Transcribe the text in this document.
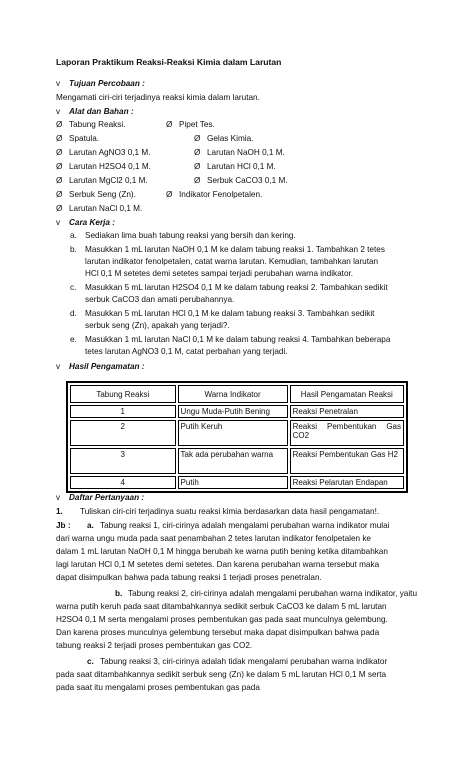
Laporan Praktikum Reaksi-Reaksi Kimia dalam Larutan
v Tujuan Percobaan :
Mengamati ciri-ciri terjadinya reaksi kimia dalam larutan.
v Alat dan Bahan :
Ø Tabung Reaksi.	Ø Pipet Tes.
Ø Spatula.	Ø Gelas Kimia.
Ø Larutan AgNO3 0,1 M.	Ø Larutan NaOH 0,1 M.
Ø Larutan H2SO4 0,1 M.	Ø Larutan HCl 0,1 M.
Ø Larutan MgCl2 0,1 M.	Ø Serbuk CaCO3 0,1 M.
Ø Serbuk Seng (Zn).	Ø Indikator Fenolpetalen.
Ø Larutan NaCl 0,1 M.
v Cara Kerja :
a. Sediakan lima buah tabung reaksi yang bersih dan kering.
b. Masukkan 1 mL larutan NaOH 0,1 M ke dalam tabung reaksi 1. Tambahkan 2 tetes
larutan indikator fenolpetalen, catat warna larutan. Kemudian, tambahkan larutan
HCl 0,1 M setetes demi setetes sampai terjadi perubahan warna indikator.
c. Masukkan 5 mL larutan H2SO4 0,1 M ke dalam tabung reaksi 2. Tambahkan sedikit
serbuk CaCO3 dan amati perubahannya.
d. Masukkan 5 mL larutan HCl 0,1 M ke dalam tabung reaksi 3. Tambahkan sedikit
serbuk seng (Zn), apakah yang terjadi?.
e. Masukkan 1 mL larutan NaCl 0,1 M ke dalam tabung reaksi 4. Tambahkan beberapa
tetes larutan AgNO3 0,1 M, catat perbahan yang terjadi.
v Hasil Pengamatan :
Tabung Reaksi	Warna Indikator	Hasil Pengamatan Reaksi
1	Ungu Muda-Putih Bening	Reaksi Penetralan
2	Putih Keruh	Reaksi Pembentukan Gas CO2
3	Tak ada perubahan warna	Reaksi Pembentukan Gas H2
4	Putih	Reaksi Pelarutan Endapan
v Daftar Pertanyaan :
1. Tuliskan ciri-ciri terjadinya suatu reaksi kimia berdasarkan data hasil pengamatan!.
Jb : a. Tabung reaksi 1, ciri-cirinya adalah mengalami perubahan warna indikator mulai
dari warna ungu muda pada saat penambahan 2 tetes larutan indikator fenolpetalen ke
dalam 1 mL larutan NaOH 0,1 M hingga berubah ke warna putih bening ketika ditambahkan
lagi larutan HCl 0,1 M setetes demi setetes. Dan karena perubahan warna tersebut maka
dapat disimpulkan bahwa pada tabung reaksi 1 terjadi proses penetralan.
b. Tabung reaksi 2, ciri-cirinya adalah mengalami perubahan warna indikator, yaitu
warna putih keruh pada saat ditambahkannya sedikit serbuk CaCO3 ke dalam 5 mL larutan
H2SO4 0,1 M serta mengalami proses pembentukan gas pada saat munculnya gelembung.
Dan karena proses munculnya gelembung tersebut maka dapat disimpulkan bahwa pada
tabung reaksi 2 terjadi proses pembentukan gas CO2.
c. Tabung reaksi 3, ciri-cirinya adalah tidak mengalami perubahan warna indikator
pada saat ditambahkannya sedikit serbuk seng (Zn) ke dalam 5 mL larutan HCl 0,1 M serta
pada saat itu mengalami proses pembentukan gas pada
